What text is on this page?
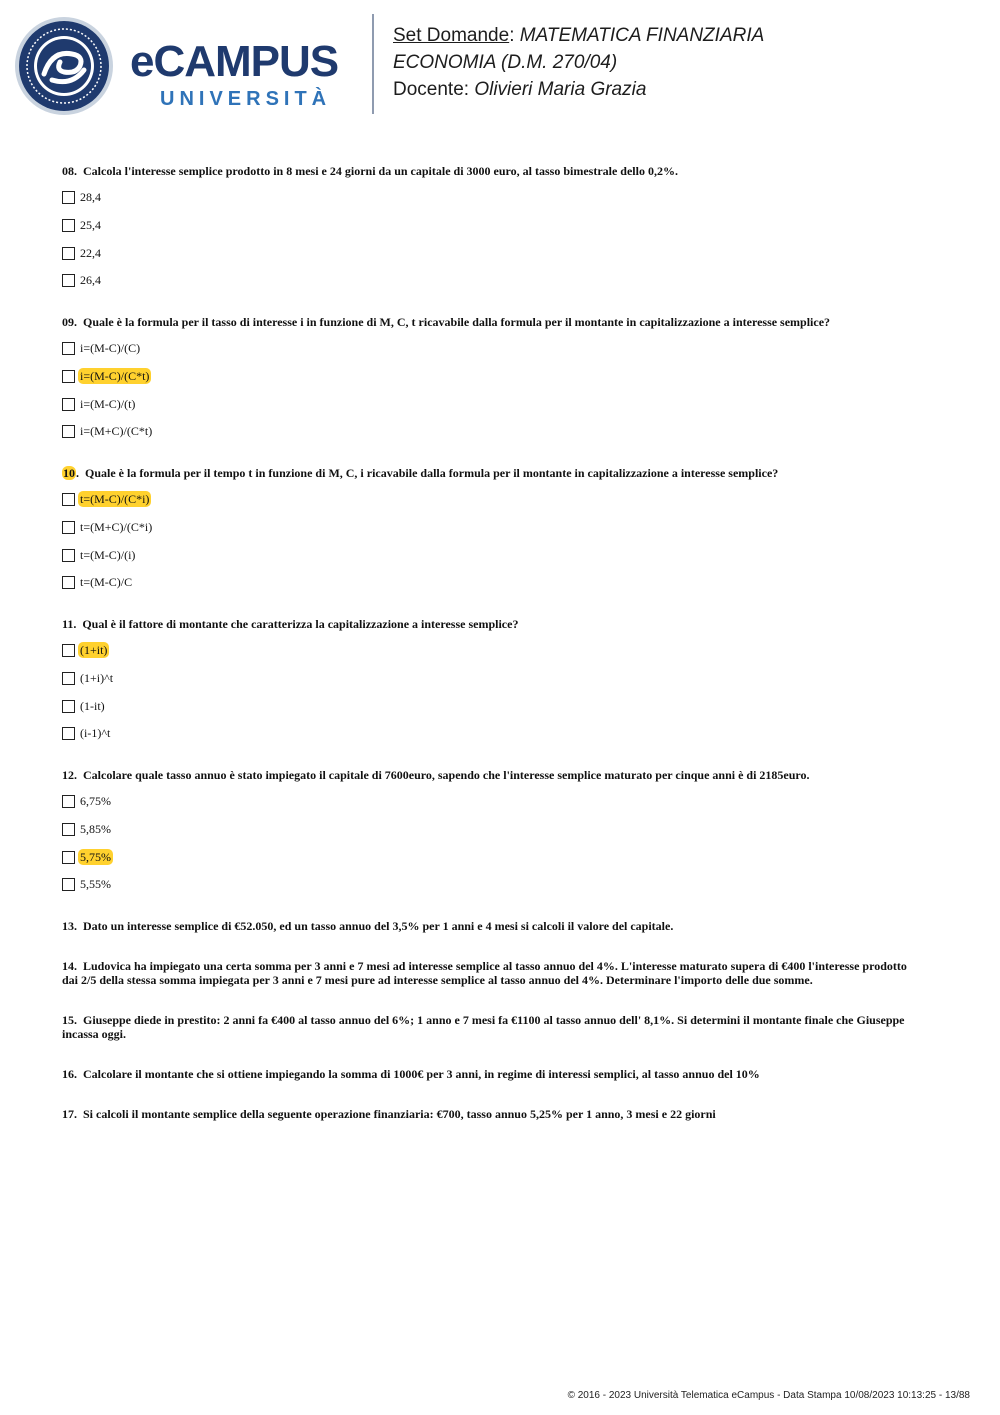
eCAMPUS
UNIVERSITÀ
Set Domande: MATEMATICA FINANZIARIA
ECONOMIA (D.M. 270/04)
Docente: Olivieri Maria Grazia
08. Calcola l'interesse semplice prodotto in 8 mesi e 24 giorni da un capitale di 3000 euro, al tasso bimestrale dello 0,2%.
28,4
25,4
22,4
26,4
09. Quale è la formula per il tasso di interesse i in funzione di M, C, t ricavabile dalla formula per il montante in capitalizzazione a interesse semplice?
i=(M-C)/(C)
i=(M-C)/(C*t)
i=(M-C)/(t)
i=(M+C)/(C*t)
10. Quale è la formula per il tempo t in funzione di M, C, i ricavabile dalla formula per il montante in capitalizzazione a interesse semplice?
t=(M-C)/(C*i)
t=(M+C)/(C*i)
t=(M-C)/(i)
t=(M-C)/C
11. Qual è il fattore di montante che caratterizza la capitalizzazione a interesse semplice?
(1+it)
(1+i)^t
(1-it)
(i-1)^t
12. Calcolare quale tasso annuo è stato impiegato il capitale di 7600euro, sapendo che l'interesse semplice maturato per cinque anni è di 2185euro.
6,75%
5,85%
5,75%
5,55%
13. Dato un interesse semplice di €52.050, ed un tasso annuo del 3,5% per 1 anni e 4 mesi si calcoli il valore del capitale.
14. Ludovica ha impiegato una certa somma per 3 anni e 7 mesi ad interesse semplice al tasso annuo del 4%. L'interesse maturato supera di €400 l'interesse prodotto dai 2/5 della stessa somma impiegata per 3 anni e 7 mesi pure ad interesse semplice al tasso annuo del 4%. Determinare l'importo delle due somme.
15. Giuseppe diede in prestito: 2 anni fa €400 al tasso annuo del 6%; 1 anno e 7 mesi fa €1100 al tasso annuo dell' 8,1%. Si determini il montante finale che Giuseppe incassa oggi.
16. Calcolare il montante che si ottiene impiegando la somma di 1000€ per 3 anni, in regime di interessi semplici, al tasso annuo del 10%
17. Si calcoli il montante semplice della seguente operazione finanziaria: €700, tasso annuo 5,25% per 1 anno, 3 mesi e 22 giorni
© 2016 - 2023 Università Telematica eCampus - Data Stampa 10/08/2023 10:13:25 - 13/88
